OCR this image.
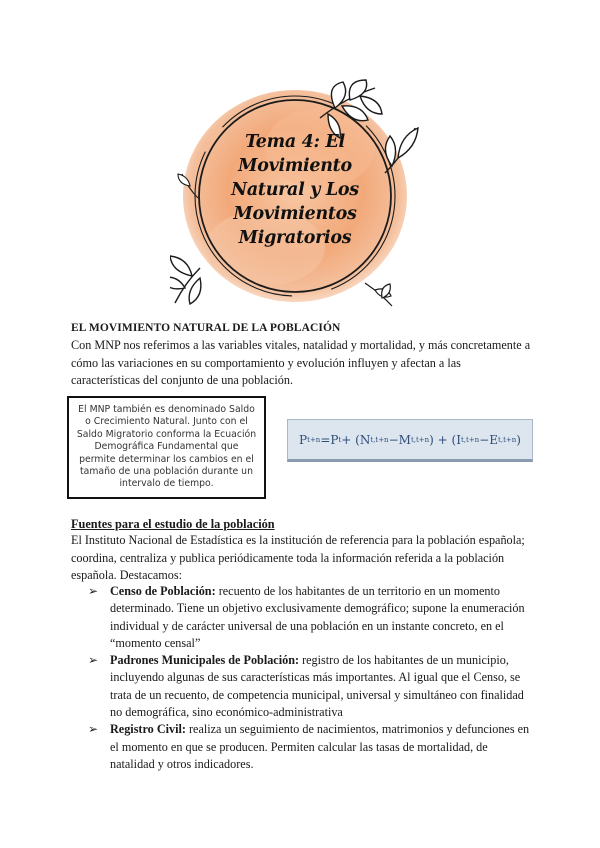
Tema 4: El
Movimiento
Natural y Los
Movimientos
Migratorios
EL MOVIMIENTO NATURAL DE LA POBLACIÓN
Con MNP nos referimos a las variables vitales, natalidad y mortalidad, y más concretamente a cómo las variaciones en su comportamiento y evolución influyen y afectan a las características del conjunto de una población.
El MNP también es denominado Saldo o Crecimiento Natural. Junto con el Saldo Migratorio conforma la Ecuación Demográfica Fundamental que permite determinar los cambios en el tamaño de una población durante un intervalo de tiempo.
P t+n = P t + ( N t,t+n − M t,t+n ) + ( I t,t+n − E t,t+n )
Fuentes para el estudio de la población
El Instituto Nacional de Estadística es la institución de referencia para la población española; coordina, centraliza y publica periódicamente toda la información referida a la población española. Destacamos:
➢ Censo de Población: recuento de los habitantes de un territorio en un momento determinado. Tiene un objetivo exclusivamente demográfico; supone la enumeración individual y de carácter universal de una población en un instante concreto, en el “momento censal”
➢ Padrones Municipales de Población: registro de los habitantes de un municipio, incluyendo algunas de sus características más importantes. Al igual que el Censo, se trata de un recuento, de competencia municipal, universal y simultáneo con finalidad no demográfica, sino económico-administrativa
➢ Registro Civil: realiza un seguimiento de nacimientos, matrimonios y defunciones en el momento en que se producen. Permiten calcular las tasas de mortalidad, de natalidad y otros indicadores.
